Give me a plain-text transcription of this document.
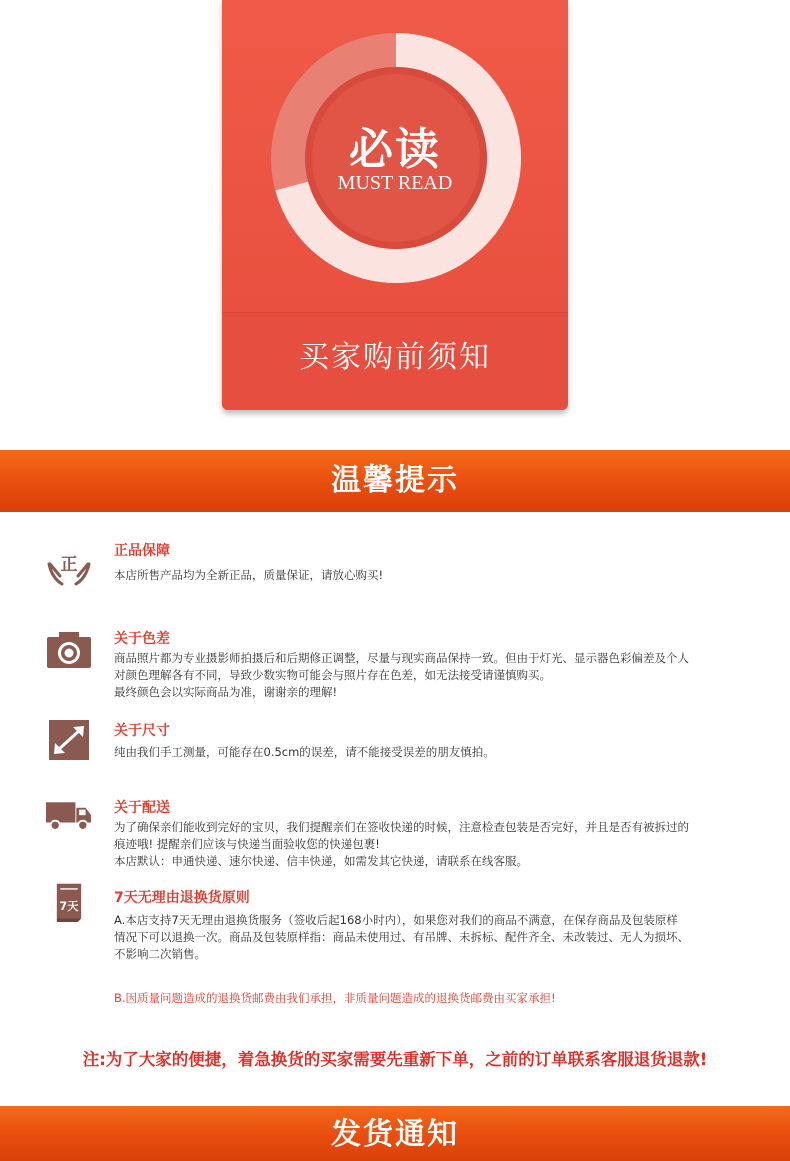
必读
MUST READ
买家购前须知
温馨提示
正
正品保障

本店所售产品均为全新正品，质量保证，请放心购买!

关于色差

商品照片都为专业摄影师拍摄后和后期修正调整，尽量与现实商品保持一致。但由于灯光、显示器色彩偏差及个人

对颜色理解各有不同，导致少数实物可能会与照片存在色差，如无法接受请谨慎购买。

最终颜色会以实际商品为准，谢谢亲的理解!

关于尺寸

纯由我们手工测量，可能存在0.5cm的误差，请不能接受误差的朋友慎拍。

关于配送

为了确保亲们能收到完好的宝贝，我们提醒亲们在签收快递的时候，注意检查包装是否完好，并且是否有被拆过的

痕迹哦! 提醒亲们应该与快递当面验收您的快递包裹!

本店默认：申通快递、速尔快递、信丰快递，如需发其它快递，请联系在线客服。

7天
7天无理由退换货原则

A.本店支持7天无理由退换货服务（签收后起168小时内），如果您对我们的商品不满意，在保存商品及包装原样

情况下可以退换一次。商品及包装原样指：商品未使用过、有吊牌、未拆标、配件齐全、未改装过、无人为损坏、

不影响二次销售。

B.因质量问题造成的退换货邮费由我们承担，非质量问题造成的退换货邮费由买家承担!

注:为了大家的便捷，着急换货的买家需要先重新下单，之前的订单联系客服退货退款!
发货通知
